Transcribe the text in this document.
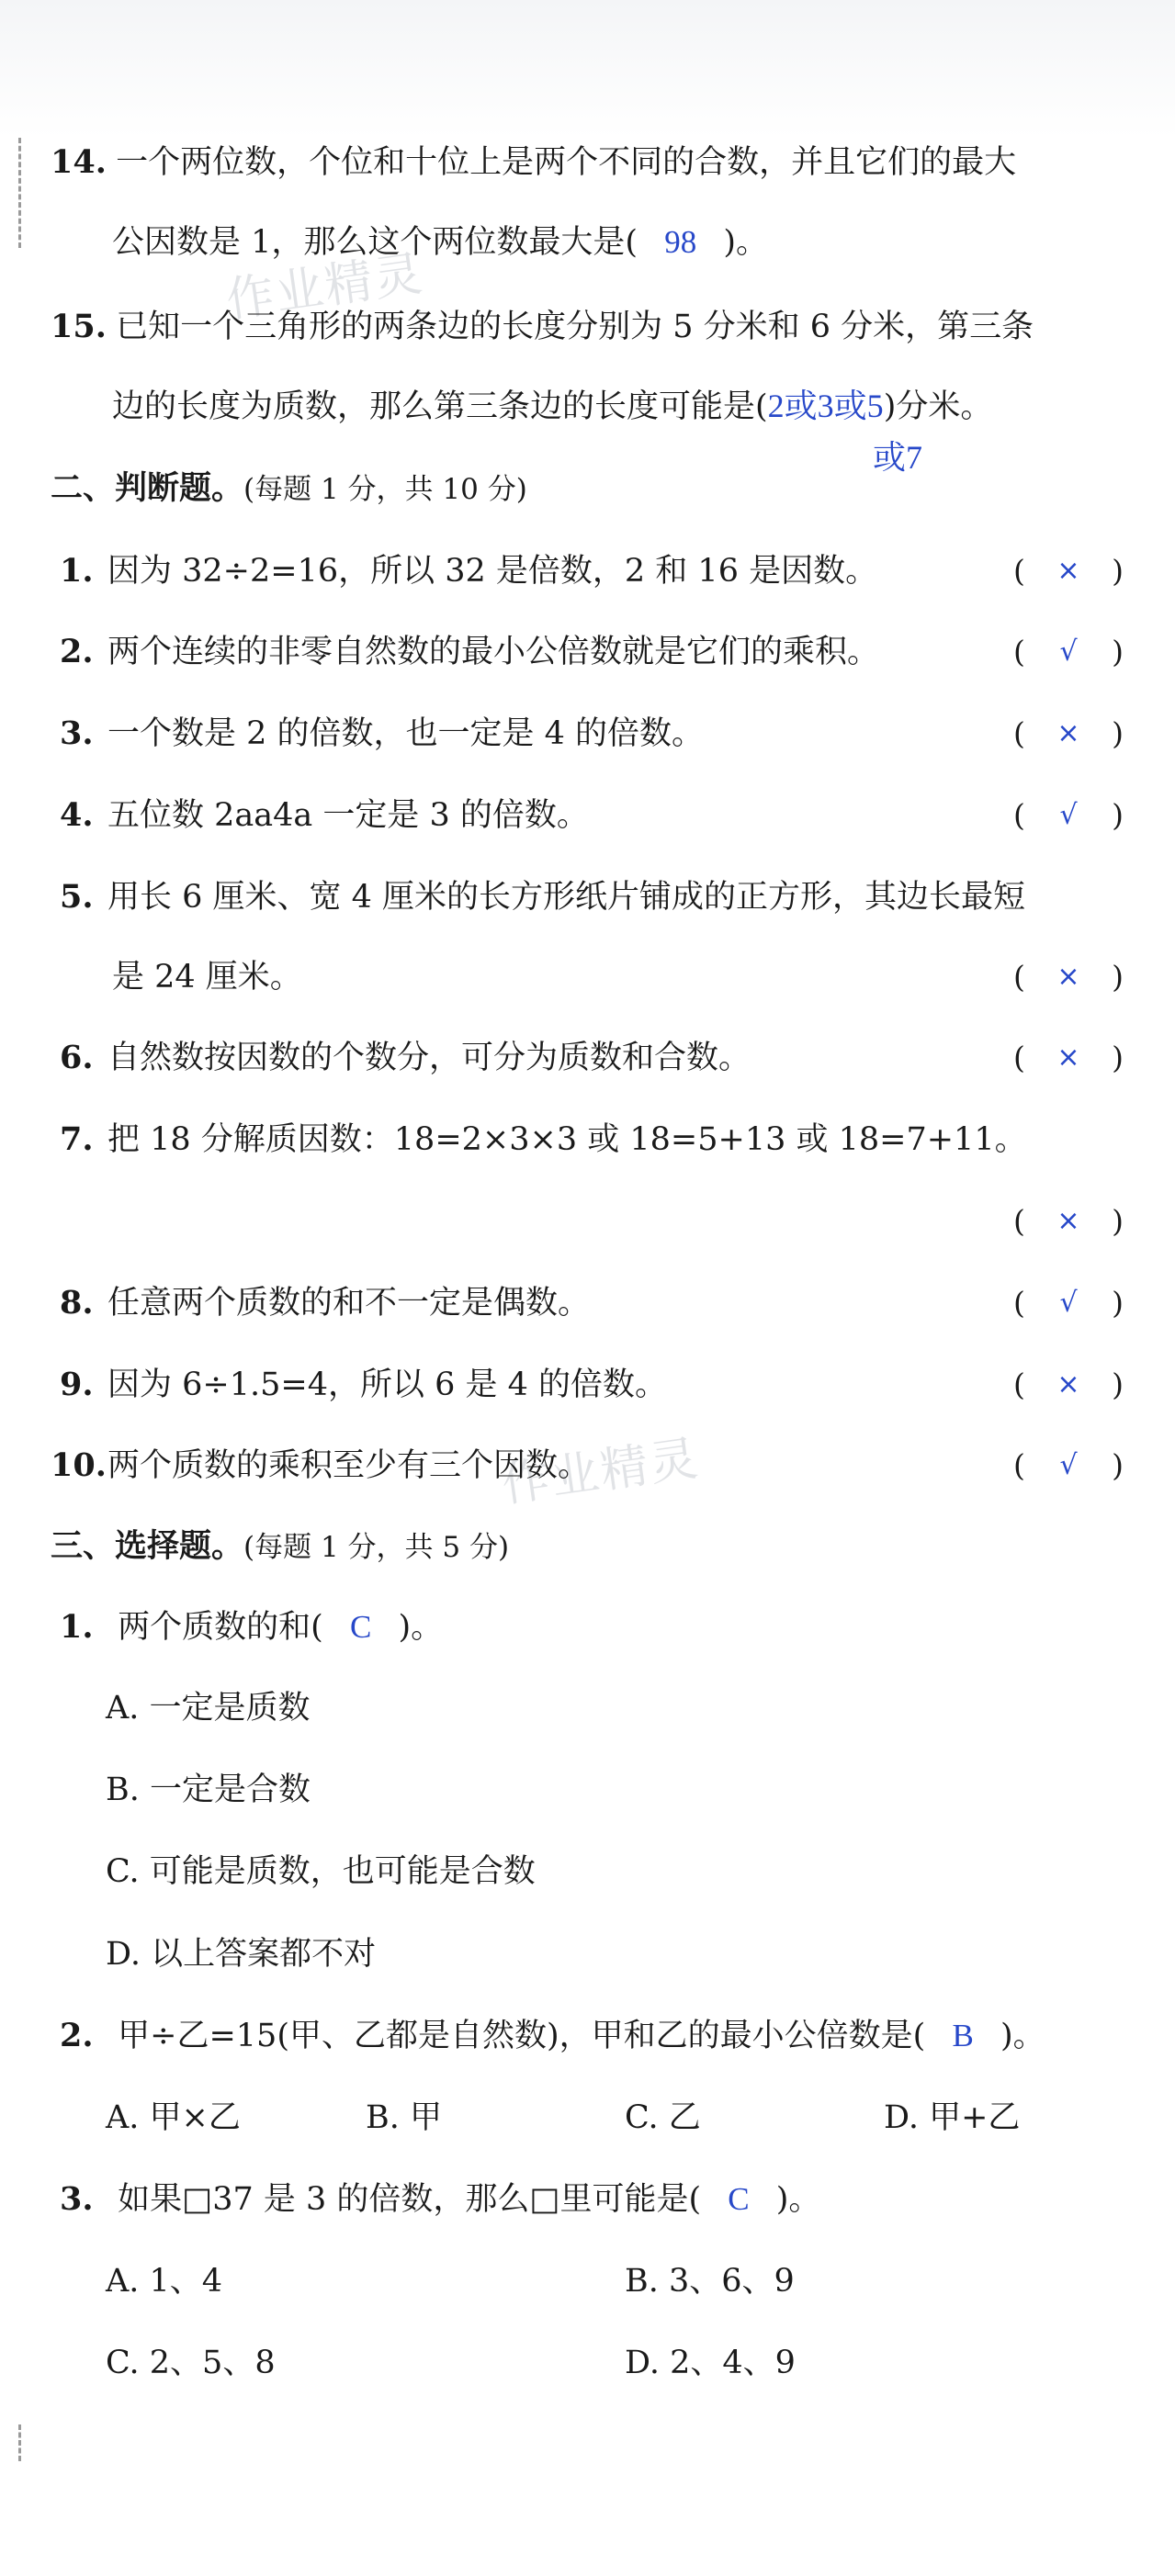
作业精灵
作业精灵
14. 一个两位数，个位和十位上是两个不同的合数，并且它们的最大
公因数是 1，那么这个两位数最大是( 98 )。
15. 已知一个三角形的两条边的长度分别为 5 分米和 6 分米，第三条
边的长度为质数，那么第三条边的长度可能是(2或3或5)分米。
或7
二、判断题。(每题 1 分，共 10 分)
1. 因为 32÷2=16，所以 32 是倍数，2 和 16 是因数。	(	×	)
2. 两个连续的非零自然数的最小公倍数就是它们的乘积。	(	√	)
3. 一个数是 2 的倍数，也一定是 4 的倍数。	(	×	)
4. 五位数 2aa4a 一定是 3 的倍数。	(	√	)
5. 用长 6 厘米、宽 4 厘米的长方形纸片铺成的正方形，其边长最短
是 24 厘米。	(	×	)
6. 自然数按因数的个数分，可分为质数和合数。	(	×	)
7. 把 18 分解质因数：18=2×3×3 或 18=5+13 或 18=7+11。
(	×	)
8. 任意两个质数的和不一定是偶数。	(	√	)
9. 因为 6÷1.5=4，所以 6 是 4 的倍数。	(	×	)
10.两个质数的乘积至少有三个因数。	(	√	)
三、选择题。(每题 1 分，共 5 分)
1. 两个质数的和( C )。
A. 一定是质数
B. 一定是合数
C. 可能是质数，也可能是合数
D. 以上答案都不对
2. 甲÷乙=15(甲、乙都是自然数)，甲和乙的最小公倍数是( B )。
A. 甲×乙	B. 甲	C. 乙	D. 甲+乙
3. 如果□37 是 3 的倍数，那么□里可能是( C )。
A. 1、4	B. 3、6、9
C. 2、5、8	D. 2、4、9
